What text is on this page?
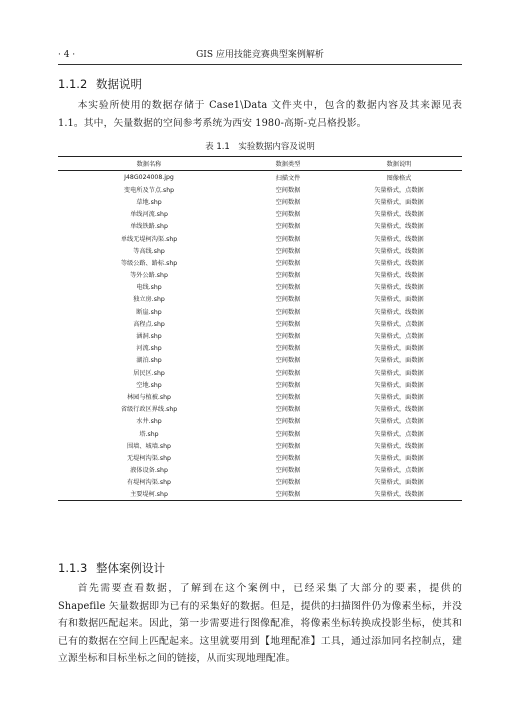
· 4 ·	GIS 应用技能竞赛典型案例解析
1.1.2 数据说明
本实验所使用的数据存储于 Case1\Data 文件夹中，包含的数据内容及其来源见表 1.1。其中，矢量数据的空间参考系统为西安 1980-高斯-克吕格投影。
表 1.1　实验数据内容及说明
数据名称	数据类型	数据说明
J48G024008.jpg	扫描文件	图像格式
变电所及节点.shp	空间数据	矢量格式，点数据
草地.shp	空间数据	矢量格式，面数据
单线河流.shp	空间数据	矢量格式，线数据
单线铁路.shp	空间数据	矢量格式，线数据
单线无堤柯沟渠.shp	空间数据	矢量格式，线数据
等高线.shp	空间数据	矢量格式，线数据
等级公路、路标.shp	空间数据	矢量格式，线数据
等外公路.shp	空间数据	矢量格式，线数据
电线.shp	空间数据	矢量格式，线数据
独立房.shp	空间数据	矢量格式，面数据
断崖.shp	空间数据	矢量格式，线数据
高程点.shp	空间数据	矢量格式，点数据
涵洞.shp	空间数据	矢量格式，点数据
河流.shp	空间数据	矢量格式，面数据
湖泊.shp	空间数据	矢量格式，面数据
居民区.shp	空间数据	矢量格式，面数据
空地.shp	空间数据	矢量格式，面数据
林园与植被.shp	空间数据	矢量格式，面数据
省级行政区界线.shp	空间数据	矢量格式，线数据
水井.shp	空间数据	矢量格式，点数据
塔.shp	空间数据	矢量格式，点数据
围墙、城墙.shp	空间数据	矢量格式，线数据
无堤柯沟渠.shp	空间数据	矢量格式，面数据
液体设备.shp	空间数据	矢量格式，点数据
有堤柯沟渠.shp	空间数据	矢量格式，面数据
主要堤柯.shp	空间数据	矢量格式，线数据
1.1.3 整体案例设计
首先需要查看数据，了解到在这个案例中，已经采集了大部分的要素，提供的 Shapefile 矢量数据即为已有的采集好的数据。但是，提供的扫描图件仍为像素坐标，并没有和数据匹配起来。因此，第一步需要进行图像配准，将像素坐标转换成投影坐标，使其和已有的数据在空间上匹配起来。这里就要用到【地理配准】工具，通过添加同名控制点，建立源坐标和目标坐标之间的链接，从而实现地理配准。
